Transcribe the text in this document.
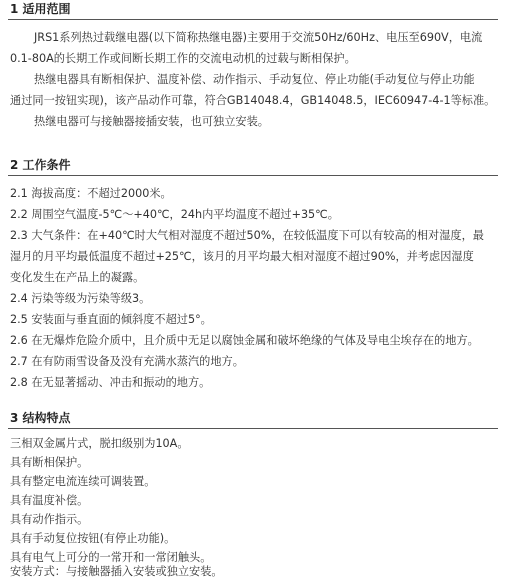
1 适用范围
JRS1系列热过载继电器(以下简称热继电器)主要用于交流50Hz/60Hz、电压至690V，电流
0.1-80A的长期工作或间断长期工作的交流电动机的过载与断相保护。
热继电器具有断相保护、温度补偿、动作指示、手动复位、停止功能(手动复位与停止功能
通过同一按钮实现)，该产品动作可靠，符合GB14048.4，GB14048.5，IEC60947-4-1等标准。
热继电器可与接触器接插安装，也可独立安装。
2 工作条件
2.1 海拔高度：不超过2000米。
2.2 周围空气温度-5℃～+40℃，24h内平均温度不超过+35℃。
2.3 大气条件：在+40℃时大气相对湿度不超过50%，在较低温度下可以有较高的相对湿度，最
湿月的月平均最低温度不超过+25℃，该月的月平均最大相对湿度不超过90%，并考虑因湿度
变化发生在产品上的凝露。
2.4 污染等级为污染等级3。
2.5 安装面与垂直面的倾斜度不超过5°。
2.6 在无爆炸危险介质中，且介质中无足以腐蚀金属和破坏绝缘的气体及导电尘埃存在的地方。
2.7 在有防雨雪设备及没有充满水蒸汽的地方。
2.8 在无显著摇动、冲击和振动的地方。
3 结构特点
三相双金属片式，脱扣级别为10A。
具有断相保护。
具有整定电流连续可调装置。
具有温度补偿。
具有动作指示。
具有手动复位按钮(有停止功能)。
具有电气上可分的一常开和一常闭触头。
安装方式：与接触器插入安装或独立安装。
